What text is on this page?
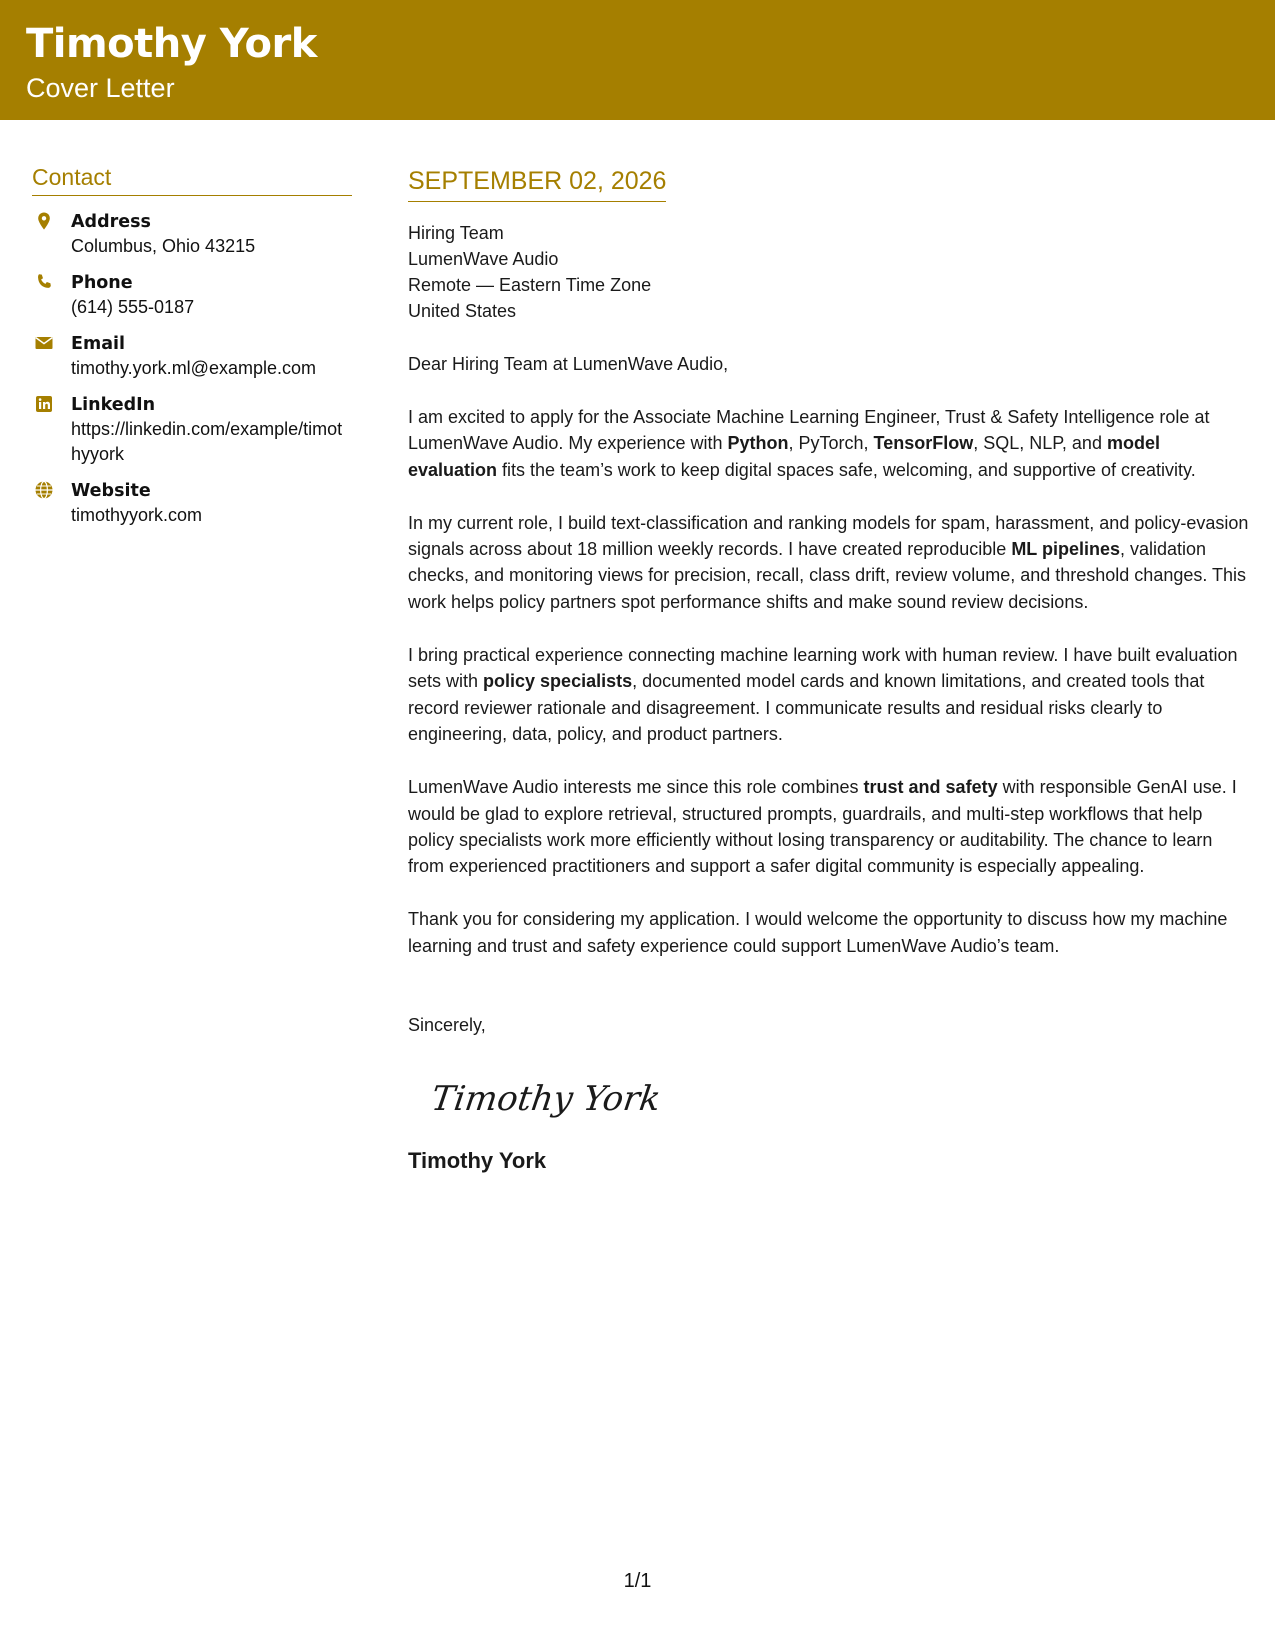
Timothy York
Cover Letter
Contact
Address
Columbus, Ohio 43215
Phone
(614) 555-0187
Email
timothy.york.ml@example.com
LinkedIn
https://linkedin.com/example/timothyyork
Website
timothyyork.com
SEPTEMBER 02, 2026
Hiring Team
LumenWave Audio
Remote — Eastern Time Zone
United States
Dear Hiring Team at LumenWave Audio,
I am excited to apply for the Associate Machine Learning Engineer, Trust & Safety Intelligence role at LumenWave Audio. My experience with Python, PyTorch, TensorFlow, SQL, NLP, and model evaluation fits the team’s work to keep digital spaces safe, welcoming, and supportive of creativity.
In my current role, I build text-classification and ranking models for spam, harassment, and policy-evasion signals across about 18 million weekly records. I have created reproducible ML pipelines, validation checks, and monitoring views for precision, recall, class drift, review volume, and threshold changes. This work helps policy partners spot performance shifts and make sound review decisions.
I bring practical experience connecting machine learning work with human review. I have built evaluation sets with policy specialists, documented model cards and known limitations, and created tools that record reviewer rationale and disagreement. I communicate results and residual risks clearly to engineering, data, policy, and product partners.
LumenWave Audio interests me since this role combines trust and safety with responsible GenAI use. I would be glad to explore retrieval, structured prompts, guardrails, and multi-step workflows that help policy specialists work more efficiently without losing transparency or auditability. The chance to learn from experienced practitioners and support a safer digital community is especially appealing.
Thank you for considering my application. I would welcome the opportunity to discuss how my machine learning and trust and safety experience could support LumenWave Audio’s team.
Sincerely,
Timothy York
Timothy York
1/1
